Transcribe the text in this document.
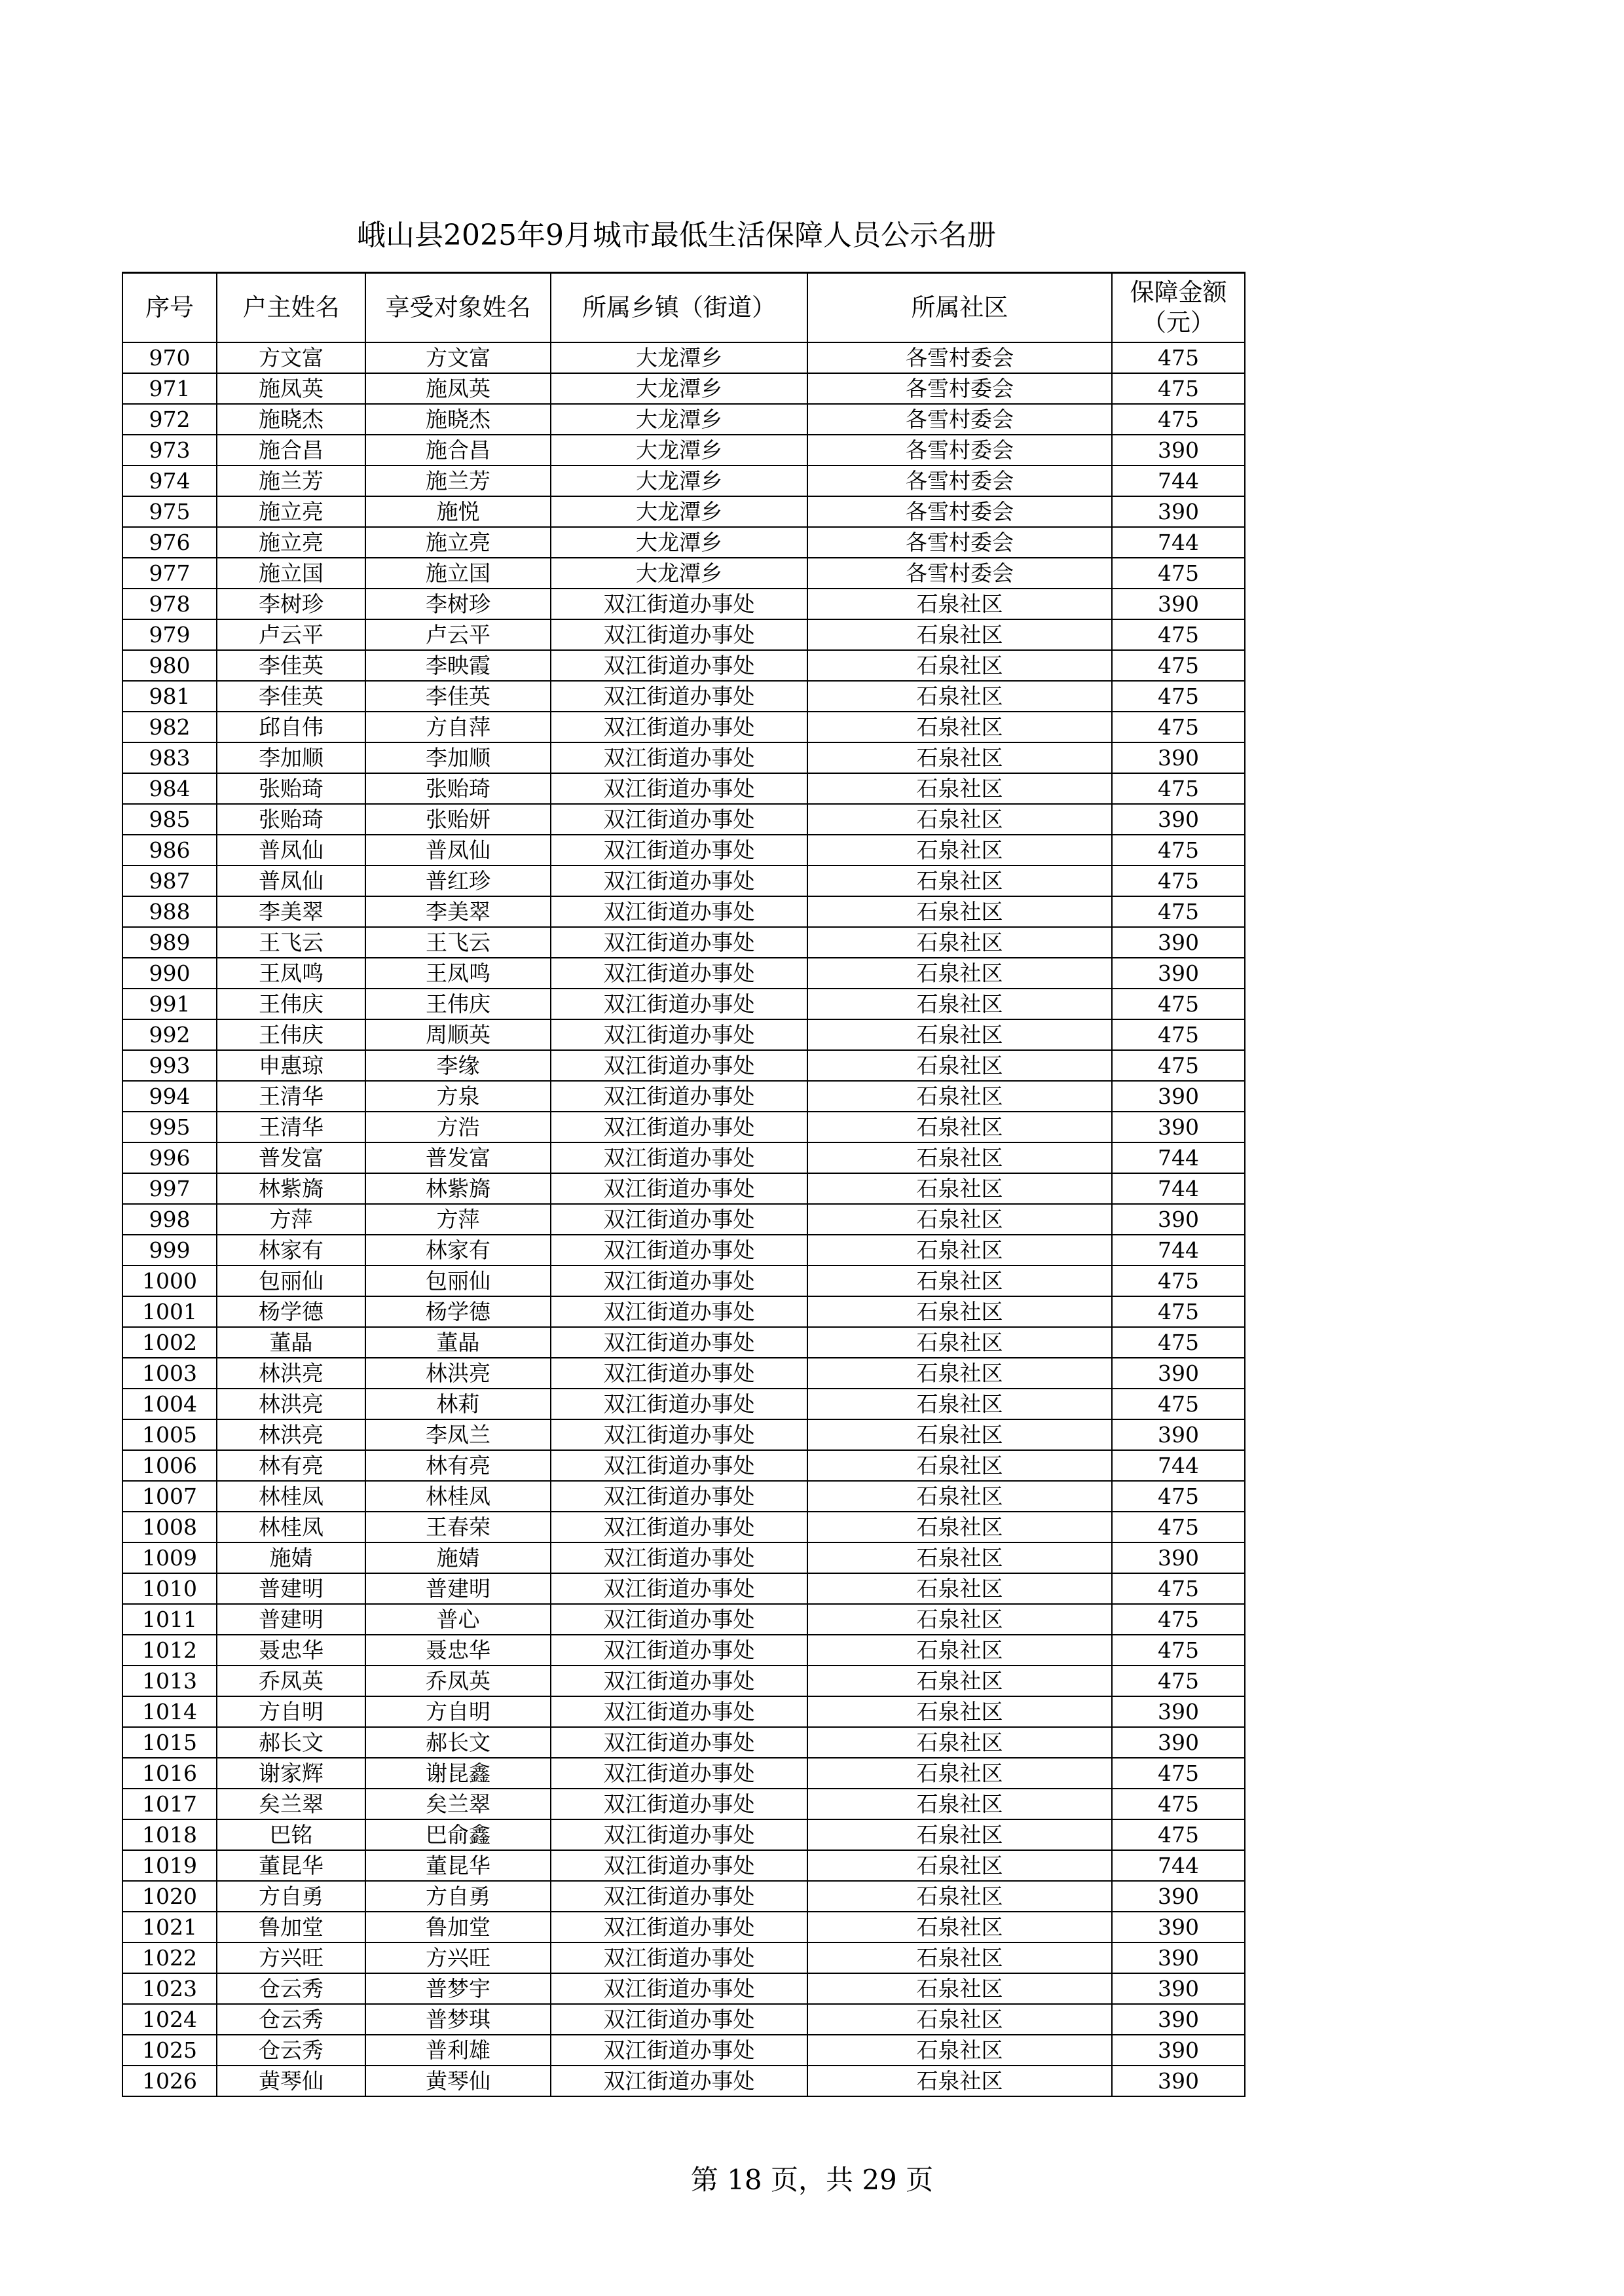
峨山县2025年9月城市最低生活保障人员公示名册
序号	户主姓名	享受对象姓名	所属乡镇（街道）	所属社区	保障金额
（元）

970	方文富	方文富	大龙潭乡	各雪村委会	475
971	施凤英	施凤英	大龙潭乡	各雪村委会	475
972	施晓杰	施晓杰	大龙潭乡	各雪村委会	475
973	施合昌	施合昌	大龙潭乡	各雪村委会	390
974	施兰芳	施兰芳	大龙潭乡	各雪村委会	744
975	施立亮	施悦	大龙潭乡	各雪村委会	390
976	施立亮	施立亮	大龙潭乡	各雪村委会	744
977	施立国	施立国	大龙潭乡	各雪村委会	475
978	李树珍	李树珍	双江街道办事处	石泉社区	390
979	卢云平	卢云平	双江街道办事处	石泉社区	475
980	李佳英	李映霞	双江街道办事处	石泉社区	475
981	李佳英	李佳英	双江街道办事处	石泉社区	475
982	邱自伟	方自萍	双江街道办事处	石泉社区	475
983	李加顺	李加顺	双江街道办事处	石泉社区	390
984	张贻琦	张贻琦	双江街道办事处	石泉社区	475
985	张贻琦	张贻妍	双江街道办事处	石泉社区	390
986	普凤仙	普凤仙	双江街道办事处	石泉社区	475
987	普凤仙	普红珍	双江街道办事处	石泉社区	475
988	李美翠	李美翠	双江街道办事处	石泉社区	475
989	王飞云	王飞云	双江街道办事处	石泉社区	390
990	王凤鸣	王凤鸣	双江街道办事处	石泉社区	390
991	王伟庆	王伟庆	双江街道办事处	石泉社区	475
992	王伟庆	周顺英	双江街道办事处	石泉社区	475
993	申惠琼	李缘	双江街道办事处	石泉社区	475
994	王清华	方泉	双江街道办事处	石泉社区	390
995	王清华	方浩	双江街道办事处	石泉社区	390
996	普发富	普发富	双江街道办事处	石泉社区	744
997	林紫旖	林紫旖	双江街道办事处	石泉社区	744
998	方萍	方萍	双江街道办事处	石泉社区	390
999	林家有	林家有	双江街道办事处	石泉社区	744
1000	包丽仙	包丽仙	双江街道办事处	石泉社区	475
1001	杨学德	杨学德	双江街道办事处	石泉社区	475
1002	董晶	董晶	双江街道办事处	石泉社区	475
1003	林洪亮	林洪亮	双江街道办事处	石泉社区	390
1004	林洪亮	林莉	双江街道办事处	石泉社区	475
1005	林洪亮	李凤兰	双江街道办事处	石泉社区	390
1006	林有亮	林有亮	双江街道办事处	石泉社区	744
1007	林桂凤	林桂凤	双江街道办事处	石泉社区	475
1008	林桂凤	王春荣	双江街道办事处	石泉社区	475
1009	施婧	施婧	双江街道办事处	石泉社区	390
1010	普建明	普建明	双江街道办事处	石泉社区	475
1011	普建明	普心	双江街道办事处	石泉社区	475
1012	聂忠华	聂忠华	双江街道办事处	石泉社区	475
1013	乔凤英	乔凤英	双江街道办事处	石泉社区	475
1014	方自明	方自明	双江街道办事处	石泉社区	390
1015	郝长文	郝长文	双江街道办事处	石泉社区	390
1016	谢家辉	谢昆鑫	双江街道办事处	石泉社区	475
1017	矣兰翠	矣兰翠	双江街道办事处	石泉社区	475
1018	巴铭	巴俞鑫	双江街道办事处	石泉社区	475
1019	董昆华	董昆华	双江街道办事处	石泉社区	744
1020	方自勇	方自勇	双江街道办事处	石泉社区	390
1021	鲁加堂	鲁加堂	双江街道办事处	石泉社区	390
1022	方兴旺	方兴旺	双江街道办事处	石泉社区	390
1023	仓云秀	普梦宇	双江街道办事处	石泉社区	390
1024	仓云秀	普梦琪	双江街道办事处	石泉社区	390
1025	仓云秀	普利雄	双江街道办事处	石泉社区	390
1026	黄琴仙	黄琴仙	双江街道办事处	石泉社区	390
第 18 页，共 29 页
